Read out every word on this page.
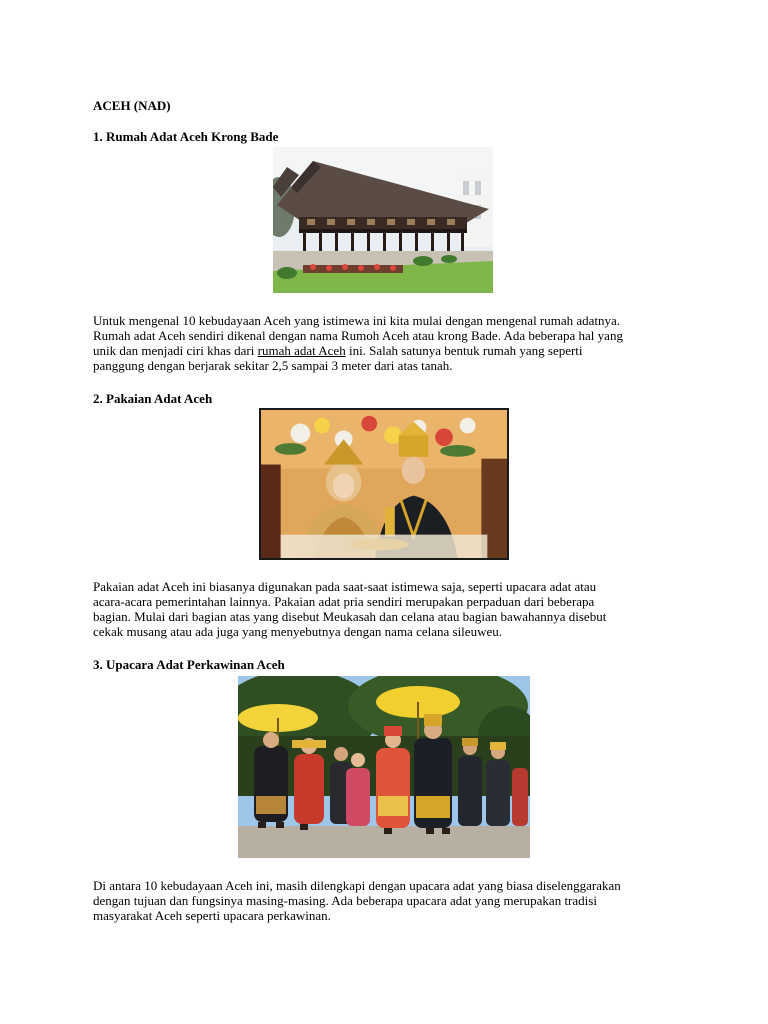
ACEH (NAD)
1. Rumah Adat Aceh Krong Bade
Untuk mengenal 10 kebudayaan Aceh yang istimewa ini kita mulai dengan mengenal rumah adatnya.
Rumah adat Aceh sendiri dikenal dengan nama Rumoh Aceh atau krong Bade. Ada beberapa hal yang
unik dan menjadi ciri khas dari rumah adat Aceh ini. Salah satunya bentuk rumah yang seperti
panggung dengan berjarak sekitar 2,5 sampai 3 meter dari atas tanah.
2. Pakaian Adat Aceh
Pakaian adat Aceh ini biasanya digunakan pada saat-saat istimewa saja, seperti upacara adat atau
acara-acara pemerintahan lainnya. Pakaian adat pria sendiri merupakan perpaduan dari beberapa
bagian. Mulai dari bagian atas yang disebut Meukasah dan celana atau bagian bawahannya disebut
cekak musang atau ada juga yang menyebutnya dengan nama celana sileuweu.
3. Upacara Adat Perkawinan Aceh
Di antara 10 kebudayaan Aceh ini, masih dilengkapi dengan upacara adat yang biasa diselenggarakan
dengan tujuan dan fungsinya masing-masing. Ada beberapa upacara adat yang merupakan tradisi
masyarakat Aceh seperti upacara perkawinan.
